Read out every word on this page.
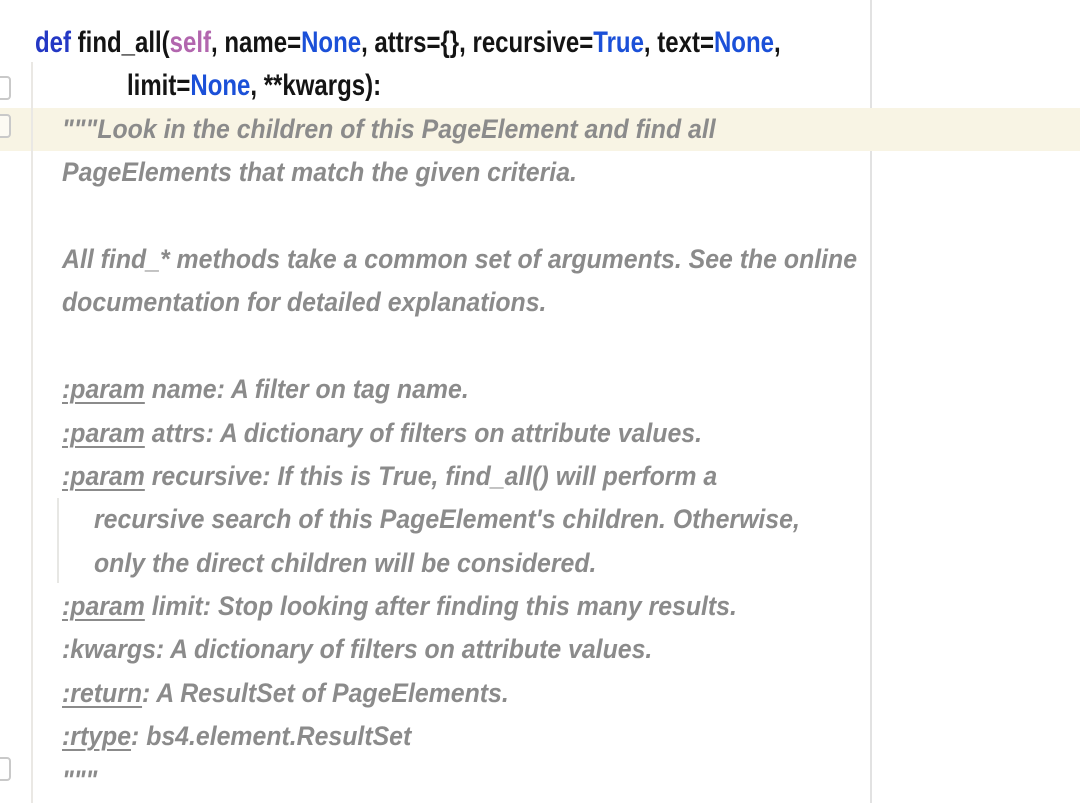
def find_all(self, name=None, attrs={}, recursive=True, text=None,
limit=None, **kwargs):
"""Look in the children of this PageElement and find all
PageElements that match the given criteria.
All find_* methods take a common set of arguments. See the online
documentation for detailed explanations.
:param name: A filter on tag name.
:param attrs: A dictionary of filters on attribute values.
:param recursive: If this is True, find_all() will perform a
recursive search of this PageElement's children. Otherwise,
only the direct children will be considered.
:param limit: Stop looking after finding this many results.
:kwargs: A dictionary of filters on attribute values.
:return: A ResultSet of PageElements.
:rtype: bs4.element.ResultSet
"""
